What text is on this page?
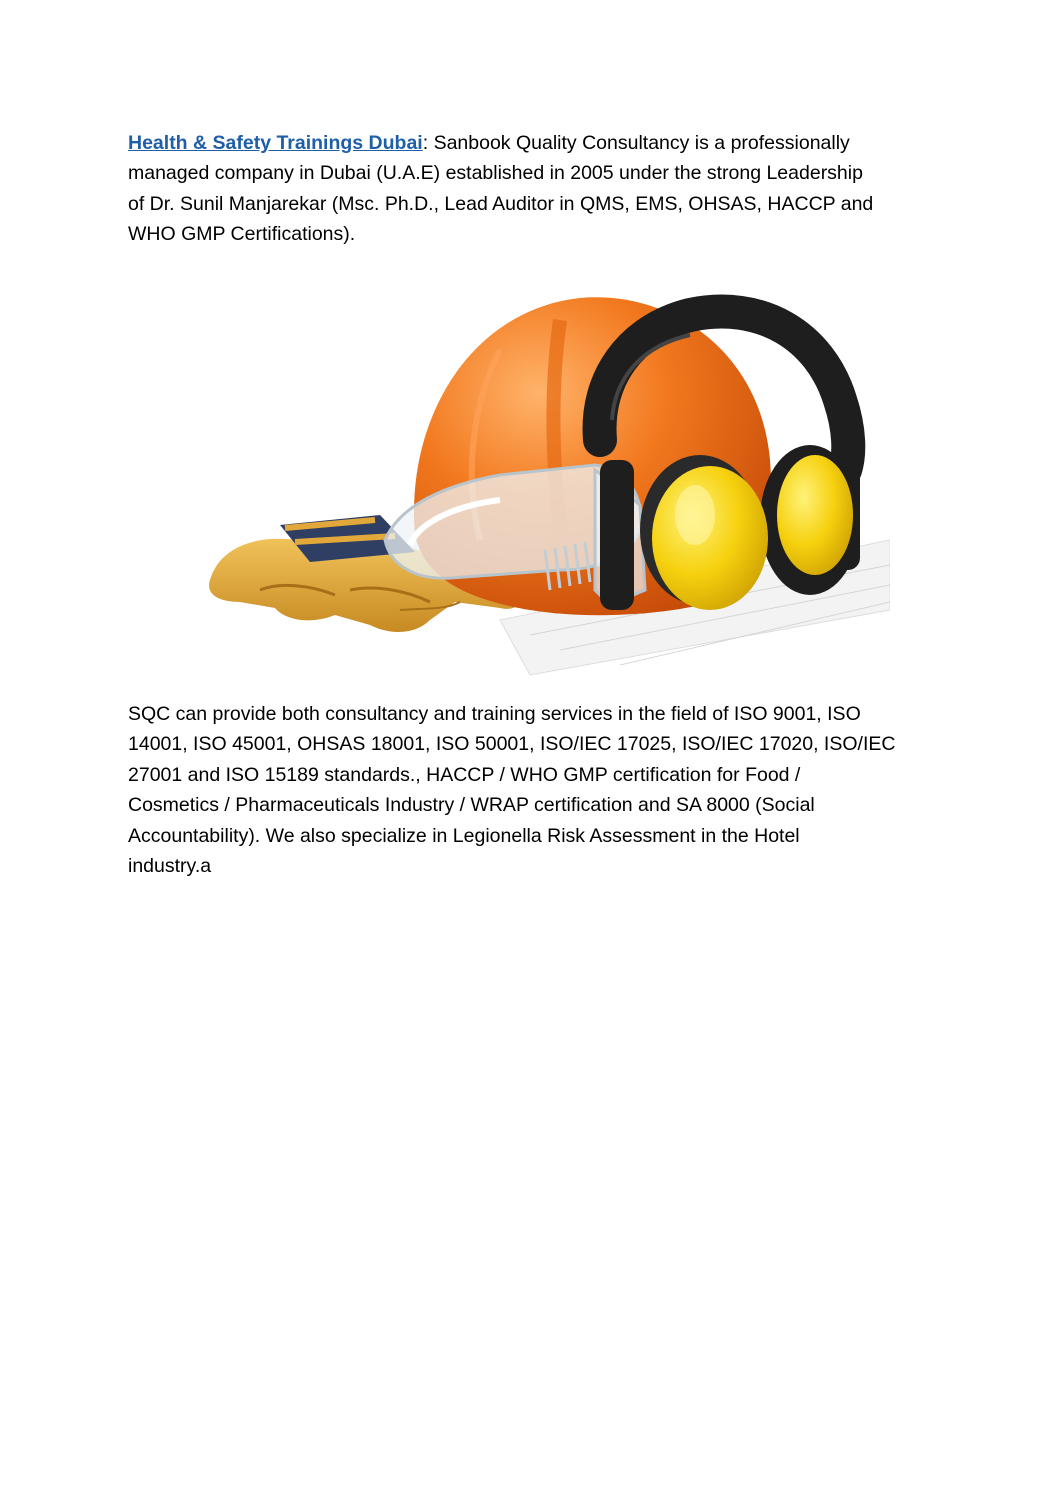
Health & Safety Trainings Dubai: Sanbook Quality Consultancy is a professionally
managed company in Dubai (U.A.E) established in 2005 under the strong Leadership
of Dr. Sunil Manjarekar (Msc. Ph.D., Lead Auditor in QMS, EMS, OHSAS, HACCP and
WHO GMP Certifications).

SQC can provide both consultancy and training services in the field of ISO 9001, ISO
14001, ISO 45001, OHSAS 18001, ISO 50001, ISO/IEC 17025, ISO/IEC 17020, ISO/IEC
27001 and ISO 15189 standards., HACCP / WHO GMP certification for Food /
Cosmetics / Pharmaceuticals Industry / WRAP certification and SA 8000 (Social
Accountability). We also specialize in Legionella Risk Assessment in the Hotel
industry.a
